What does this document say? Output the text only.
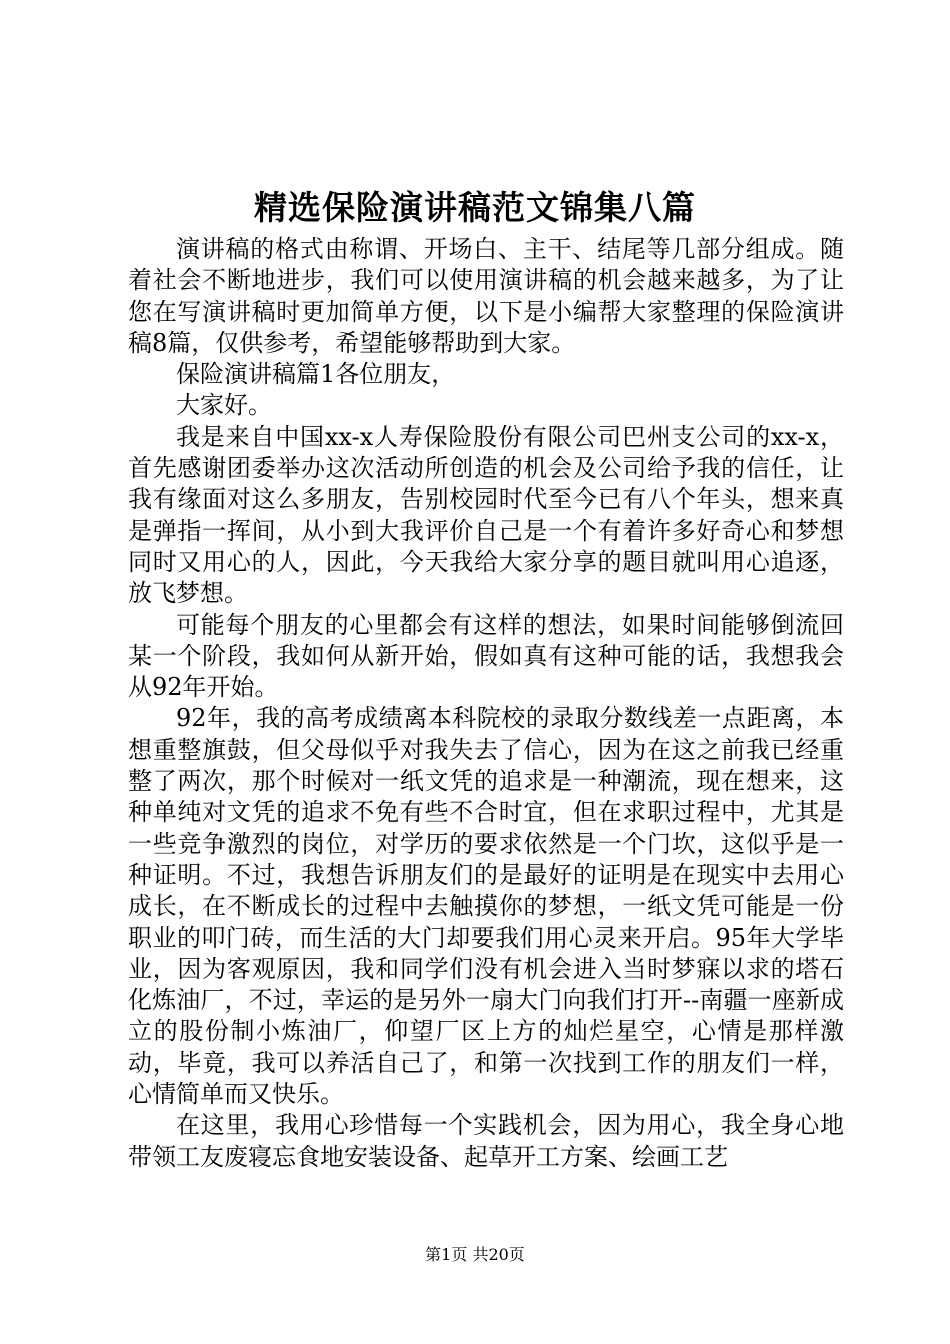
精选保险演讲稿范文锦集八篇

演讲稿的格式由称谓、开场白、主干、结尾等几部分组成。随着社会不断地进步，我们可以使用演讲稿的机会越来越多，为了让您在写演讲稿时更加简单方便，以下是小编帮大家整理的保险演讲稿8篇，仅供参考，希望能够帮助到大家。

保险演讲稿篇1各位朋友，

大家好。

我是来自中国xx-x人寿保险股份有限公司巴州支公司的xx-x，首先感谢团委举办这次活动所创造的机会及公司给予我的信任，让我有缘面对这么多朋友，告别校园时代至今已有八个年头，想来真是弹指一挥间，从小到大我评价自己是一个有着许多好奇心和梦想同时又用心的人，因此，今天我给大家分享的题目就叫用心追逐，放飞梦想。

可能每个朋友的心里都会有这样的想法，如果时间能够倒流回某一个阶段，我如何从新开始，假如真有这种可能的话，我想我会从92年开始。

92年，我的高考成绩离本科院校的录取分数线差一点距离，本想重整旗鼓，但父母似乎对我失去了信心，因为在这之前我已经重整了两次，那个时候对一纸文凭的追求是一种潮流，现在想来，这种单纯对文凭的追求不免有些不合时宜，但在求职过程中，尤其是一些竞争激烈的岗位，对学历的要求依然是一个门坎，这似乎是一种证明。不过，我想告诉朋友们的是最好的证明是在现实中去用心成长，在不断成长的过程中去触摸你的梦想，一纸文凭可能是一份职业的叩门砖，而生活的大门却要我们用心灵来开启。95年大学毕业，因为客观原因，我和同学们没有机会进入当时梦寐以求的塔石化炼油厂，不过，幸运的是另外一扇大门向我们打开--南疆一座新成立的股份制小炼油厂，仰望厂区上方的灿烂星空，心情是那样激动，毕竟，我可以养活自己了，和第一次找到工作的朋友们一样，心情简单而又快乐。

在这里，我用心珍惜每一个实践机会，因为用心，我全身心地带领工友废寝忘食地安装设备、起草开工方案、绘画工艺

第1页 共20页
